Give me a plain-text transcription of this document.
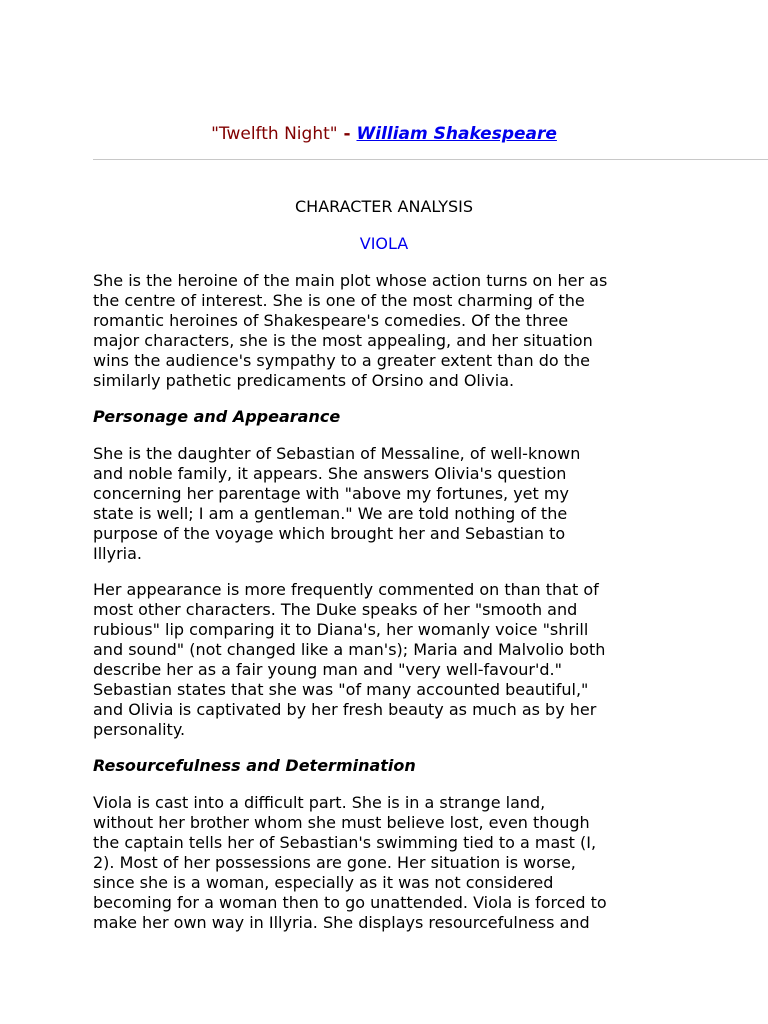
"Twelfth Night" - William Shakespeare
CHARACTER ANALYSIS
VIOLA

She is the heroine of the main plot whose action turns on her as
the centre of interest. She is one of the most charming of the
romantic heroines of Shakespeare's comedies. Of the three
major characters, she is the most appealing, and her situation
wins the audience's sympathy to a greater extent than do the
similarly pathetic predicaments of Orsino and Olivia.

Personage and Appearance

She is the daughter of Sebastian of Messaline, of well-known
and noble family, it appears. She answers Olivia's question
concerning her parentage with "above my fortunes, yet my
state is well; I am a gentleman." We are told nothing of the
purpose of the voyage which brought her and Sebastian to
Illyria.

Her appearance is more frequently commented on than that of
most other characters. The Duke speaks of her "smooth and
rubious" lip comparing it to Diana's, her womanly voice "shrill
and sound" (not changed like a man's); Maria and Malvolio both
describe her as a fair young man and "very well-favour'd."
Sebastian states that she was "of many accounted beautiful,"
and Olivia is captivated by her fresh beauty as much as by her
personality.

Resourcefulness and Determination

Viola is cast into a difficult part. She is in a strange land,
without her brother whom she must believe lost, even though
the captain tells her of Sebastian's swimming tied to a mast (I,
2). Most of her possessions are gone. Her situation is worse,
since she is a woman, especially as it was not considered
becoming for a woman then to go unattended. Viola is forced to
make her own way in Illyria. She displays resourcefulness and
